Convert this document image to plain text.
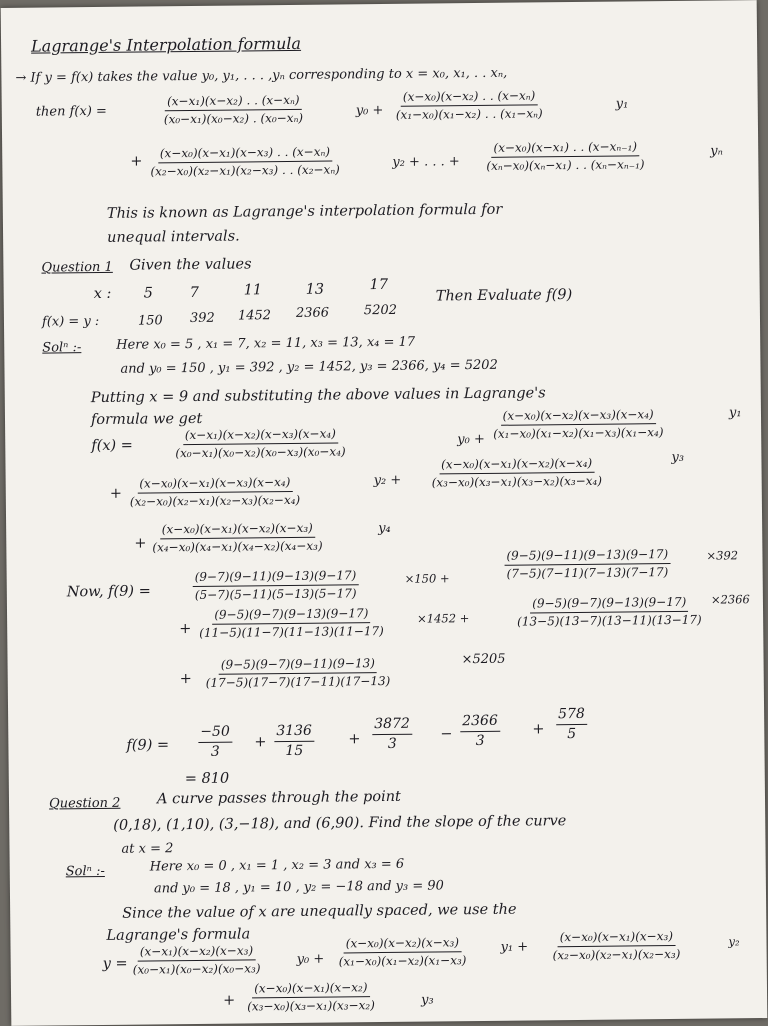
Lagrange's Interpolation formula
→ If y = f(x) takes the value y₀, y₁, . . . ,yₙ corresponding to x = x₀, x₁, . . xₙ,
then f(x) =	$\frac{\text{(x−x₁)(x−x₂) . . (x−xₙ)}}{\text{(x₀−x₁)(x₀−x₂) . (x₀−xₙ)}}$	$y_0 + \frac{\text{(x−x₀)(x−x₂) . . (x−xₙ)}}{\text{(x₁−x₀)(x₁−x₂) . . (x₁−xₙ)}}$	y₁
+ $\frac{\text{(x−x₀)(x−x₁)(x−x₃) . . (x−xₙ)}}{\text{(x₂−x₀)(x₂−x₁)(x₂−x₃) . . (x₂−xₙ)}}$	y₂ + . . . + $\frac{\text{(x−x₀)(x−x₁) . . (x−xₙ₋₁)}}{\text{(xₙ−x₀)(xₙ−x₁) . . (xₙ−xₙ₋₁)}}$	yₙ
This is known as Lagrange's interpolation formula for
unequal intervals.
Question 1 Given the values
x : 5	7	11	13	17
f(x) = y :	150 392 1452 2366	5202
Then Evaluate f(9)
Solⁿ :-	Here x₀ = 5 , x₁ = 7, x₂ = 11, x₃ = 13, x₄ = 17
and y₀ = 150 , y₁ = 392 , y₂ = 1452, y₃ = 2366, y₄ = 5202
Putting x = 9 and substituting the above values in Lagrange's
formula we get
f(x) =	$\frac{\text{(x−x₁)(x−x₂)(x−x₃)(x−x₄)}}{\text{(x₀−x₁)(x₀−x₂)(x₀−x₃)(x₀−x₄)}}$	$y_0 + \frac{\text{(x−x₀)(x−x₂)(x−x₃)(x−x₄)}}{\text{(x₁−x₀)(x₁−x₂)(x₁−x₃)(x₁−x₄)}}$	y₁
+ $\frac{\text{(x−x₀)(x−x₁)(x−x₃)(x−x₄)}}{\text{(x₂−x₀)(x₂−x₁)(x₂−x₃)(x₂−x₄)}}$	$y_2 + \frac{\text{(x−x₀)(x−x₁)(x−x₂)(x−x₄)}}{\text{(x₃−x₀)(x₃−x₁)(x₃−x₂)(x₃−x₄)}}$	y₃
+ $\frac{\text{(x−x₀)(x−x₁)(x−x₂)(x−x₃)}}{\text{(x₄−x₀)(x₄−x₁)(x₄−x₂)(x₄−x₃)}}$	y₄
Now, f(9) =	$\frac{(9-7)(9-11)(9-13)(9-17)}{(5-7)(5-11)(5-13)(5-17)}$	×150 +	$\frac{(9-5)(9-11)(9-13)(9-17)}{(7-5)(7-11)(7-13)(7-17)}$	×392
+ $\frac{(9-5)(9-7)(9-13)(9-17)}{(11-5)(11-7)(11-13)(11-17)}$	×1452 +	$\frac{(9-5)(9-7)(9-13)(9-17)}{(13-5)(13-7)(13-11)(13-17)} \times 2366$
+ $\frac{(9-5)(9-7)(9-11)(9-13)}{(17-5)(17-7)(17-11)(17-13)}$	×5205
$f(9) = \frac{-50}{3} + \frac{3136}{15} + \frac{3872}{3} - \frac{2366}{3} + \frac{578}{5}$
= 810
Question 2	A curve passes through the point
(0,18), (1,10), (3,−18), and (6,90). Find the slope of the curve
at x = 2
Solⁿ :-	Here x₀ = 0 , x₁ = 1 , x₂ = 3 and x₃ = 6
and y₀ = 18 , y₁ = 10 , y₂ = −18 and y₃ = 90
Since the value of x are unequally spaced, we use the
Lagrange's formula
$y = \frac{\text{(x−x₁)(x−x₂)(x−x₃)}}{\text{(x₀−x₁)(x₀−x₂)(x₀−x₃)}}$	$y_0 + \frac{\text{(x−x₀)(x−x₂)(x−x₃)}}{\text{(x₁−x₀)(x₁−x₂)(x₁−x₃)}} y_1 + \frac{\text{(x−x₀)(x−x₁)(x−x₃)}}{\text{(x₂−x₀)(x₂−x₁)(x₂−x₃)}}$	y₂
+ $\frac{\text{(x−x₀)(x−x₁)(x−x₂)}}{\text{(x₃−x₀)(x₃−x₁)(x₃−x₂)}}$	y₃
